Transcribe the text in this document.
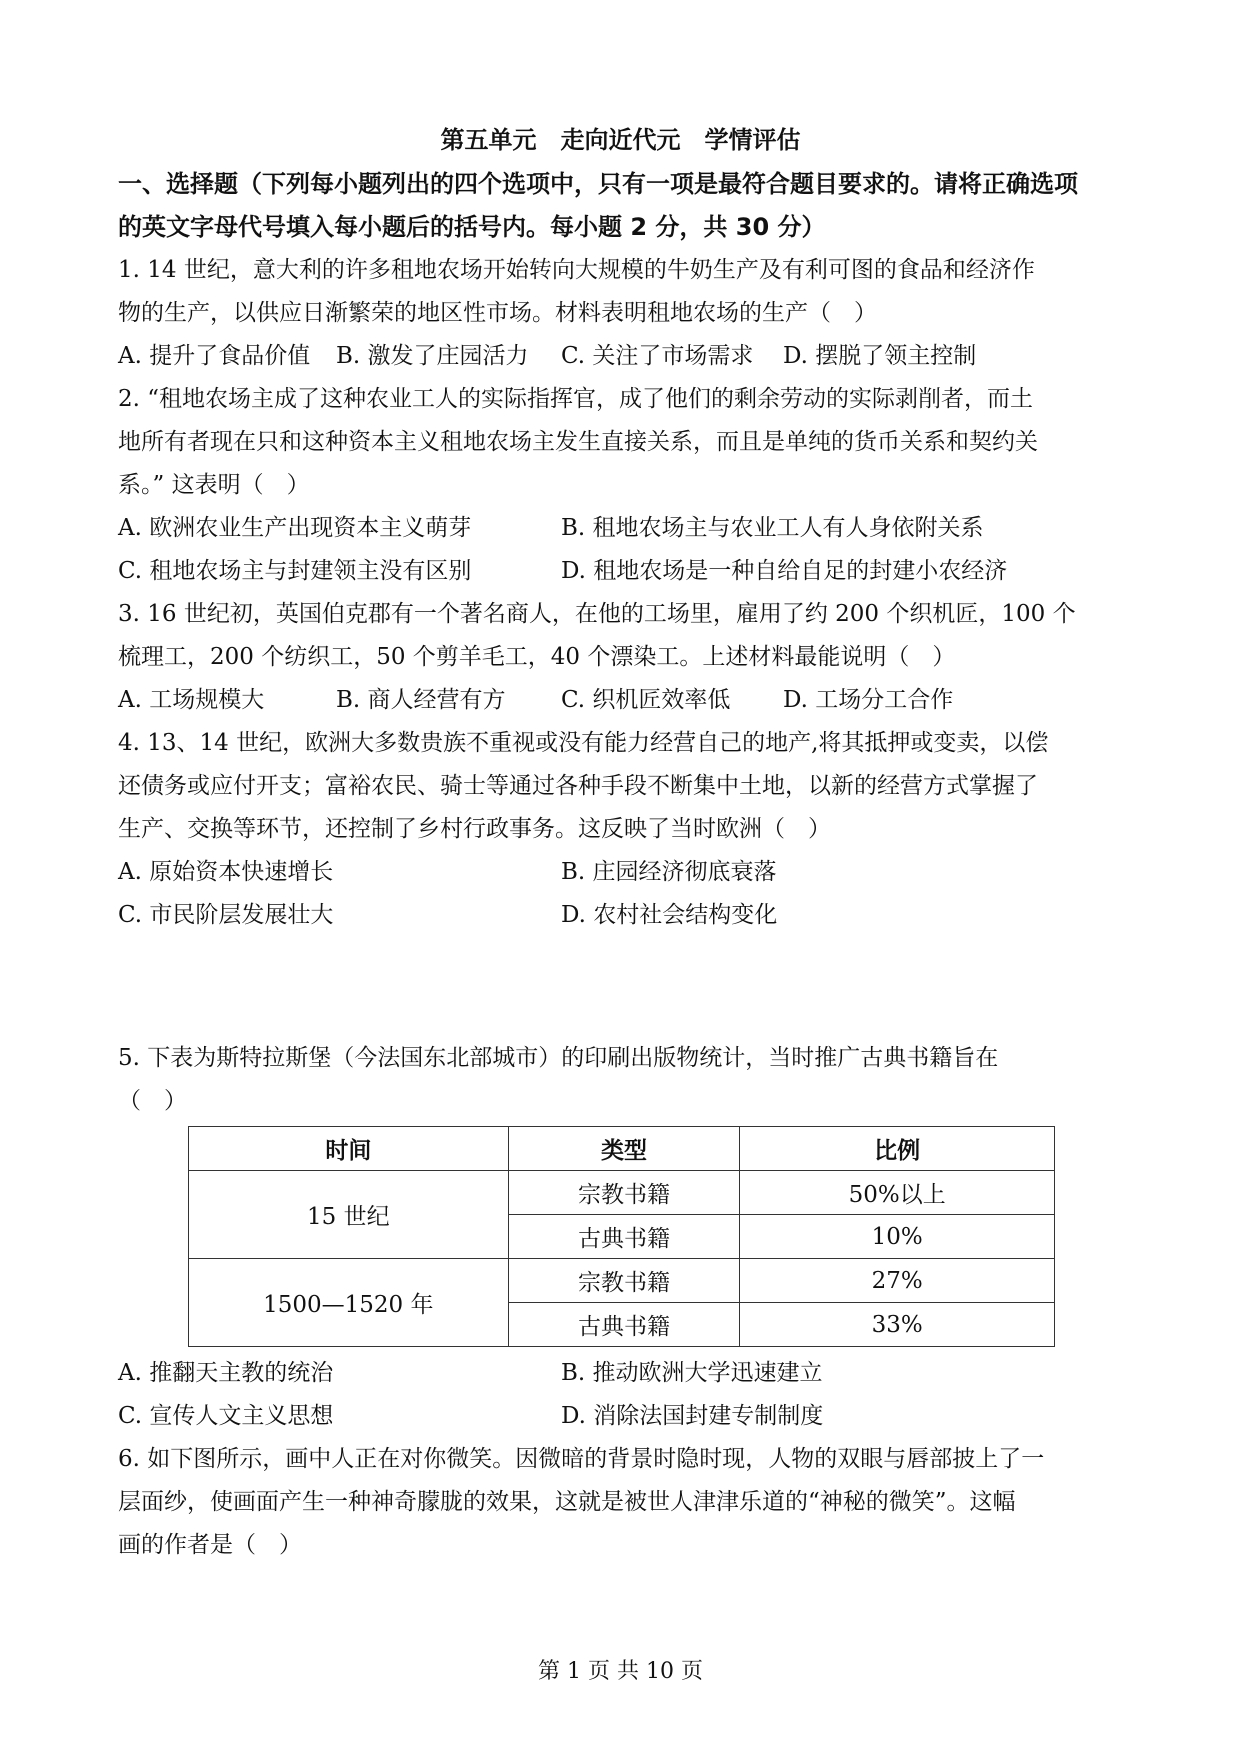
第五单元　走向近代元　学情评估
一、选择题（下列每小题列出的四个选项中，只有一项是最符合题目要求的。请将正确选项
的英文字母代号填入每小题后的括号内。每小题 2 分，共 30 分）
1. 14 世纪，意大利的许多租地农场开始转向大规模的牛奶生产及有利可图的食品和经济作
物的生产，以供应日渐繁荣的地区性市场。材料表明租地农场的生产（　）
A. 提升了食品价值 B. 激发了庄园活力 C. 关注了市场需求 D. 摆脱了领主控制
2. “租地农场主成了这种农业工人的实际指挥官，成了他们的剩余劳动的实际剥削者，而土
地所有者现在只和这种资本主义租地农场主发生直接关系，而且是单纯的货币关系和契约关
系。” 这表明（　）
A. 欧洲农业生产出现资本主义萌芽	B. 租地农场主与农业工人有人身依附关系
C. 租地农场主与封建领主没有区别	D. 租地农场是一种自给自足的封建小农经济
3. 16 世纪初，英国伯克郡有一个著名商人，在他的工场里，雇用了约 200 个织机匠，100 个
梳理工，200 个纺织工，50 个剪羊毛工，40 个漂染工。上述材料最能说明（　）
A. 工场规模大	B. 商人经营有方 C. 织机匠效率低 D. 工场分工合作
4. 13、14 世纪，欧洲大多数贵族不重视或没有能力经营自己的地产,将其抵押或变卖，以偿
还债务或应付开支；富裕农民、骑士等通过各种手段不断集中土地，以新的经营方式掌握了
生产、交换等环节，还控制了乡村行政事务。这反映了当时欧洲（　）
A. 原始资本快速增长	B. 庄园经济彻底衰落
C. 市民阶层发展壮大	D. 农村社会结构变化
5. 下表为斯特拉斯堡（今法国东北部城市）的印刷出版物统计，当时推广古典书籍旨在
（　）
时间	类型	比例
15 世纪	宗教书籍	50%以上
	古典书籍	10%
1500—1520 年	宗教书籍	27%
	古典书籍	33%
A. 推翻天主教的统治	B. 推动欧洲大学迅速建立
C. 宣传人文主义思想	D. 消除法国封建专制制度
6. 如下图所示，画中人正在对你微笑。因微暗的背景时隐时现，人物的双眼与唇部披上了一
层面纱，使画面产生一种神奇朦胧的效果，这就是被世人津津乐道的“神秘的微笑”。这幅
画的作者是（　）
第 1 页 共 10 页
